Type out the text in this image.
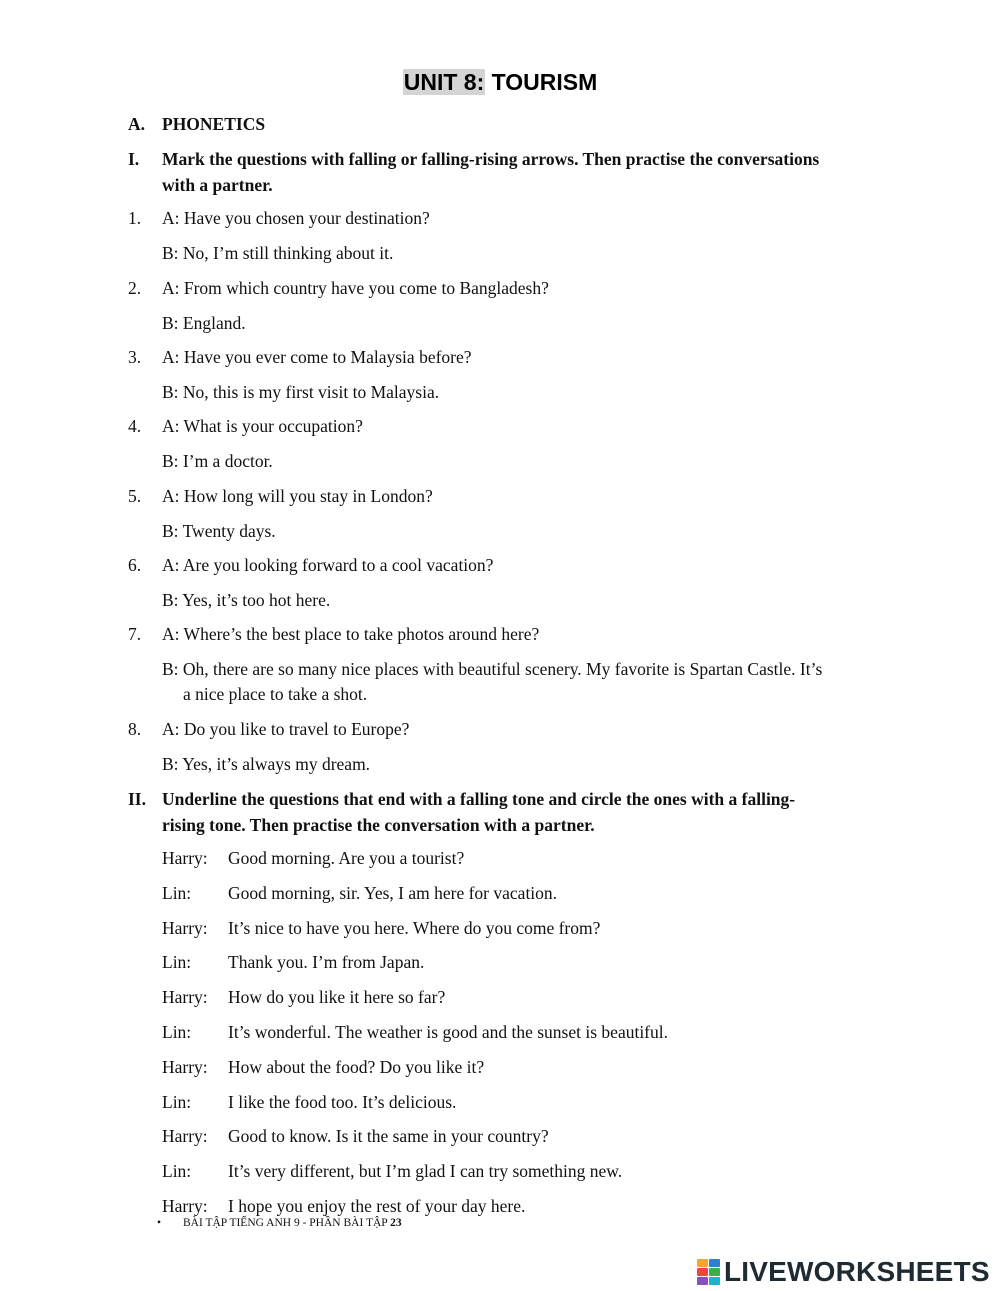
UNIT 8: TOURISM
A. PHONETICS
I. Mark the questions with falling or falling-rising arrows. Then practise the conversations
with a partner.
1. A: Have you chosen your destination?
B: No, I’m still thinking about it.
2. A: From which country have you come to Bangladesh?
B: England.
3. A: Have you ever come to Malaysia before?
B: No, this is my first visit to Malaysia.
4. A: What is your occupation?
B: I’m a doctor.
5. A: How long will you stay in London?
B: Twenty days.
6. A: Are you looking forward to a cool vacation?
B: Yes, it’s too hot here.
7. A: Where’s the best place to take photos around here?
B: Oh, there are so many nice places with beautiful scenery. My favorite is Spartan Castle. It’s
a nice place to take a shot.
8. A: Do you like to travel to Europe?
B: Yes, it’s always my dream.
II. Underline the questions that end with a falling tone and circle the ones with a falling-
rising tone. Then practise the conversation with a partner.
Harry: Good morning. Are you a tourist?
Lin: Good morning, sir. Yes, I am here for vacation.
Harry: It’s nice to have you here. Where do you come from?
Lin: Thank you. I’m from Japan.
Harry: How do you like it here so far?
Lin: It’s wonderful. The weather is good and the sunset is beautiful.
Harry: How about the food? Do you like it?
Lin: I like the food too. It’s delicious.
Harry: Good to know. Is it the same in your country?
Lin: It’s very different, but I’m glad I can try something new.
Harry: I hope you enjoy the rest of your day here.
• BÀI TẬP TIẾNG ANH 9 - PHẦN BÀI TẬP 23
LIVEWORKSHEETS
